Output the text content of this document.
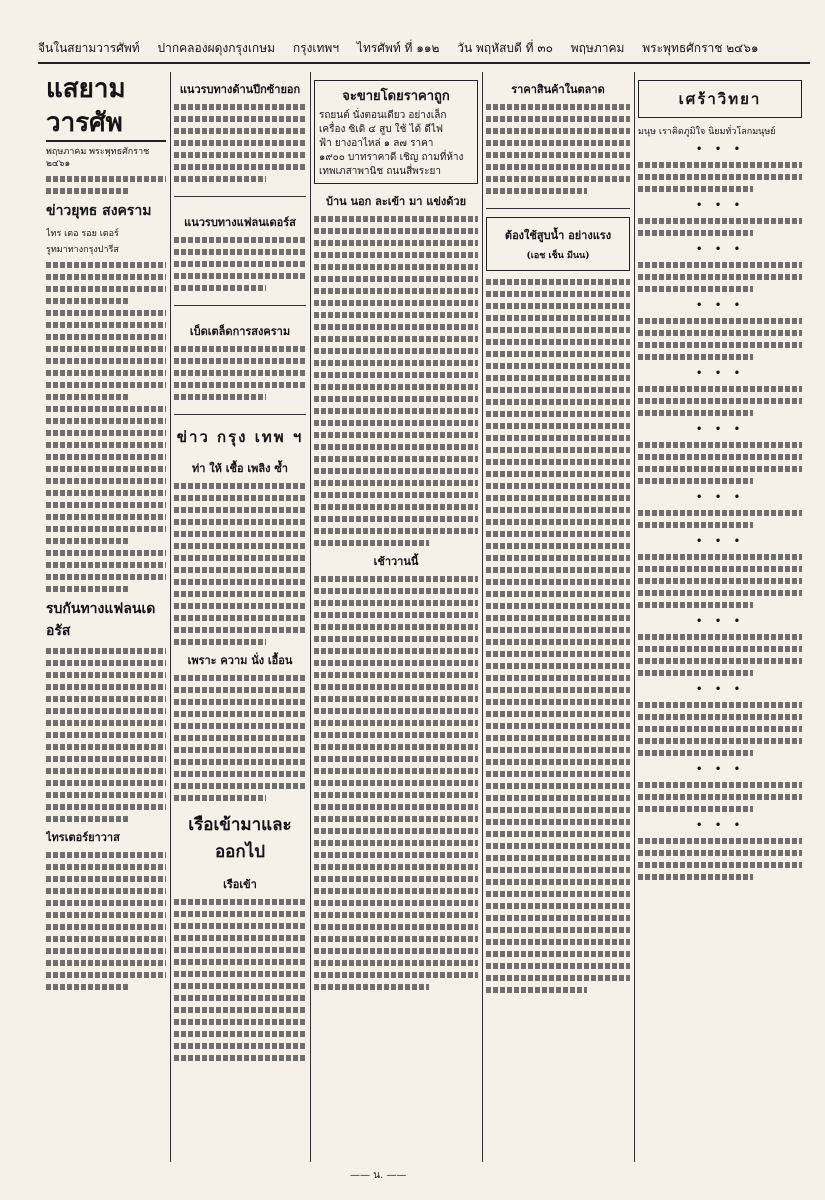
จีนในสยามวารศัพท์ ปากคลองผดุงกรุงเกษม กรุงเทพฯ ไทรศัพท์ ที่ ๑๑๒ วัน พฤหัสบดี ที่ ๓๐ พฤษภาคม พระพุทธศักราช ๒๔๖๑
แสยามวารศัพ
พฤษภาคม พระพุทธศักราช ๒๔๖๑
ข่าวยุทธ สงคราม
ไทร เตอ รอย เตอร์
รูทมาทางกรุงปารีส
รบกันทางแฟลนเดอรัส
ไทรเตอร์ยาวาส
แนวรบทางด้านปีกซ้ายอก
แนวรบทางแฟลนเดอร์ส
เบ็ดเตล็ดการสงคราม
ข่าว กรุง เทพ ฯ
ท่า ให้ เชื้อ เพลิง ซ้ำ
เพราะ ความ นั่ง เอื้อน
เรือเข้ามาและออกไป
เรือเข้า
จะขายโดยราคาถูก
รถยนต์ นั่งตอนเดียว อย่างเล็ก
เครื่อง ซิเดิ ๔ สูบ ใช้ ได้ ดีไฟ
ฟ้า ยางอาไหล่ ๑ ล๗ ราคา
๑๙๐๐ บาทราคาดี เชิญ ถามที่ห้าง
เทพเภสาพานิช ถนนสี่พระยา
บ้าน นอก ละเข้า มา แข่งด้วย
เช้าวานนี้
ราคาสินค้าในตลาด
ต้องใช้สูบน้ำ อย่างแรง
(เอช เช็น มีนน)
เศร้าวิทยา
มนุษ เราคิดภูมิใจ นิยมทั่วโลกมนุษย์
• • •
• • •
• • •
• • •
• • •
• • •
• • •
• • •
• • •
• • •
• • •
• • •
—— น. ——
